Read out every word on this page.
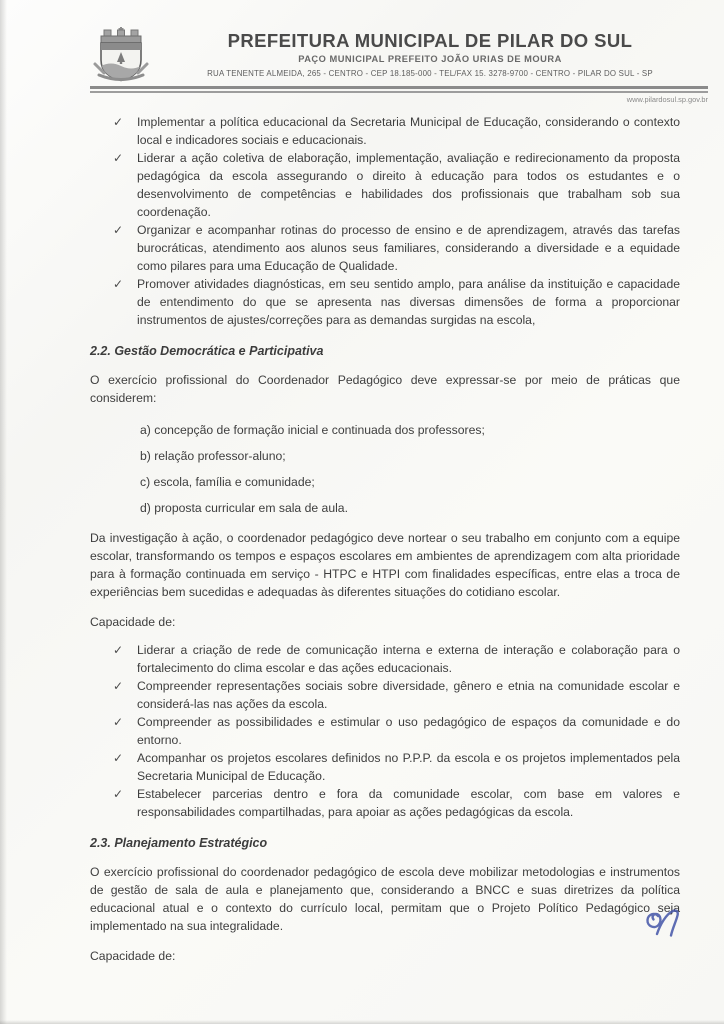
PREFEITURA MUNICIPAL DE PILAR DO SUL
PAÇO MUNICIPAL PREFEITO JOÃO URIAS DE MOURA
RUA TENENTE ALMEIDA, 265 - CENTRO - CEP 18.185-000 - TEL/FAX 15. 3278-9700 - CENTRO - PILAR DO SUL - SP
www.pilardosul.sp.gov.br
✓	Implementar a política educacional da Secretaria Municipal de Educação, considerando o contexto local e indicadores sociais e educacionais.

✓	Liderar a ação coletiva de elaboração, implementação, avaliação e redirecionamento da proposta pedagógica da escola assegurando o direito à educação para todos os estudantes e o desenvolvimento de competências e habilidades dos profissionais que trabalham sob sua coordenação.

✓	Organizar e acompanhar rotinas do processo de ensino e de aprendizagem, através das tarefas burocráticas, atendimento aos alunos seus familiares, considerando a diversidade e a equidade como pilares para uma Educação de Qualidade.

✓	Promover atividades diagnósticas, em seu sentido amplo, para análise da instituição e capacidade de entendimento do que se apresenta nas diversas dimensões de forma a proporcionar instrumentos de ajustes/correções para as demandas surgidas na escola,

2.2. Gestão Democrática e Participativa

O exercício profissional do Coordenador Pedagógico deve expressar-se por meio de práticas que considerem:

a) concepção de formação inicial e continuada dos professores;
b) relação professor-aluno;
c) escola, família e comunidade;
d) proposta curricular em sala de aula.

Da investigação à ação, o coordenador pedagógico deve nortear o seu trabalho em conjunto com a equipe escolar, transformando os tempos e espaços escolares em ambientes de aprendizagem com alta prioridade para à formação continuada em serviço - HTPC e HTPI com finalidades específicas, entre elas a troca de experiências bem sucedidas e adequadas às diferentes situações do cotidiano escolar.

Capacidade de:
✓	Liderar a criação de rede de comunicação interna e externa de interação e colaboração para o fortalecimento do clima escolar e das ações educacionais.

✓	Compreender representações sociais sobre diversidade, gênero e etnia na comunidade escolar e considerá-las nas ações da escola.

✓	Compreender as possibilidades e estimular o uso pedagógico de espaços da comunidade e do entorno.

✓	Acompanhar os projetos escolares definidos no P.P.P. da escola e os projetos implementados pela Secretaria Municipal de Educação.

✓	Estabelecer parcerias dentro e fora da comunidade escolar, com base em valores e responsabilidades compartilhadas, para apoiar as ações pedagógicas da escola.

2.3. Planejamento Estratégico

O exercício profissional do coordenador pedagógico de escola deve mobilizar metodologias e instrumentos de gestão de sala de aula e planejamento que, considerando a BNCC e suas diretrizes da política educacional atual e o contexto do currículo local, permitam que o Projeto Político Pedagógico seja implementado na sua integralidade.

Capacidade de:
